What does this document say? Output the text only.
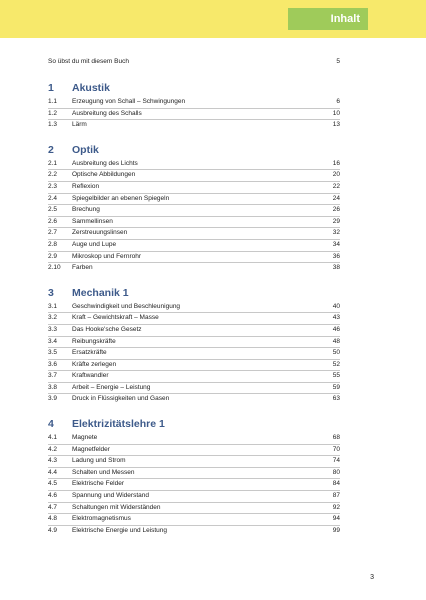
Inhalt
So übst du mit diesem Buch	5
1	Akustik
1.1	Erzeugung von Schall – Schwingungen	6
1.2	Ausbreitung des Schalls	10
1.3	Lärm	13
2	Optik
2.1	Ausbreitung des Lichts	16
2.2	Optische Abbildungen	20
2.3	Reflexion	22
2.4	Spiegelbilder an ebenen Spiegeln	24
2.5	Brechung	26
2.6	Sammellinsen	29
2.7	Zerstreuungslinsen	32
2.8	Auge und Lupe	34
2.9	Mikroskop und Fernrohr	36
2.10	Farben	38
3	Mechanik 1
3.1	Geschwindigkeit und Beschleunigung	40
3.2	Kraft – Gewichtskraft – Masse	43
3.3	Das Hooke'sche Gesetz	46
3.4	Reibungskräfte	48
3.5	Ersatzkräfte	50
3.6	Kräfte zerlegen	52
3.7	Kraftwandler	55
3.8	Arbeit – Energie – Leistung	59
3.9	Druck in Flüssigkeiten und Gasen	63
4	Elektrizitätslehre 1
4.1	Magnete	68
4.2	Magnetfelder	70
4.3	Ladung und Strom	74
4.4	Schalten und Messen	80
4.5	Elektrische Felder	84
4.6	Spannung und Widerstand	87
4.7	Schaltungen mit Widerständen	92
4.8	Elektromagnetismus	94
4.9	Elektrische Energie und Leistung	99
3
